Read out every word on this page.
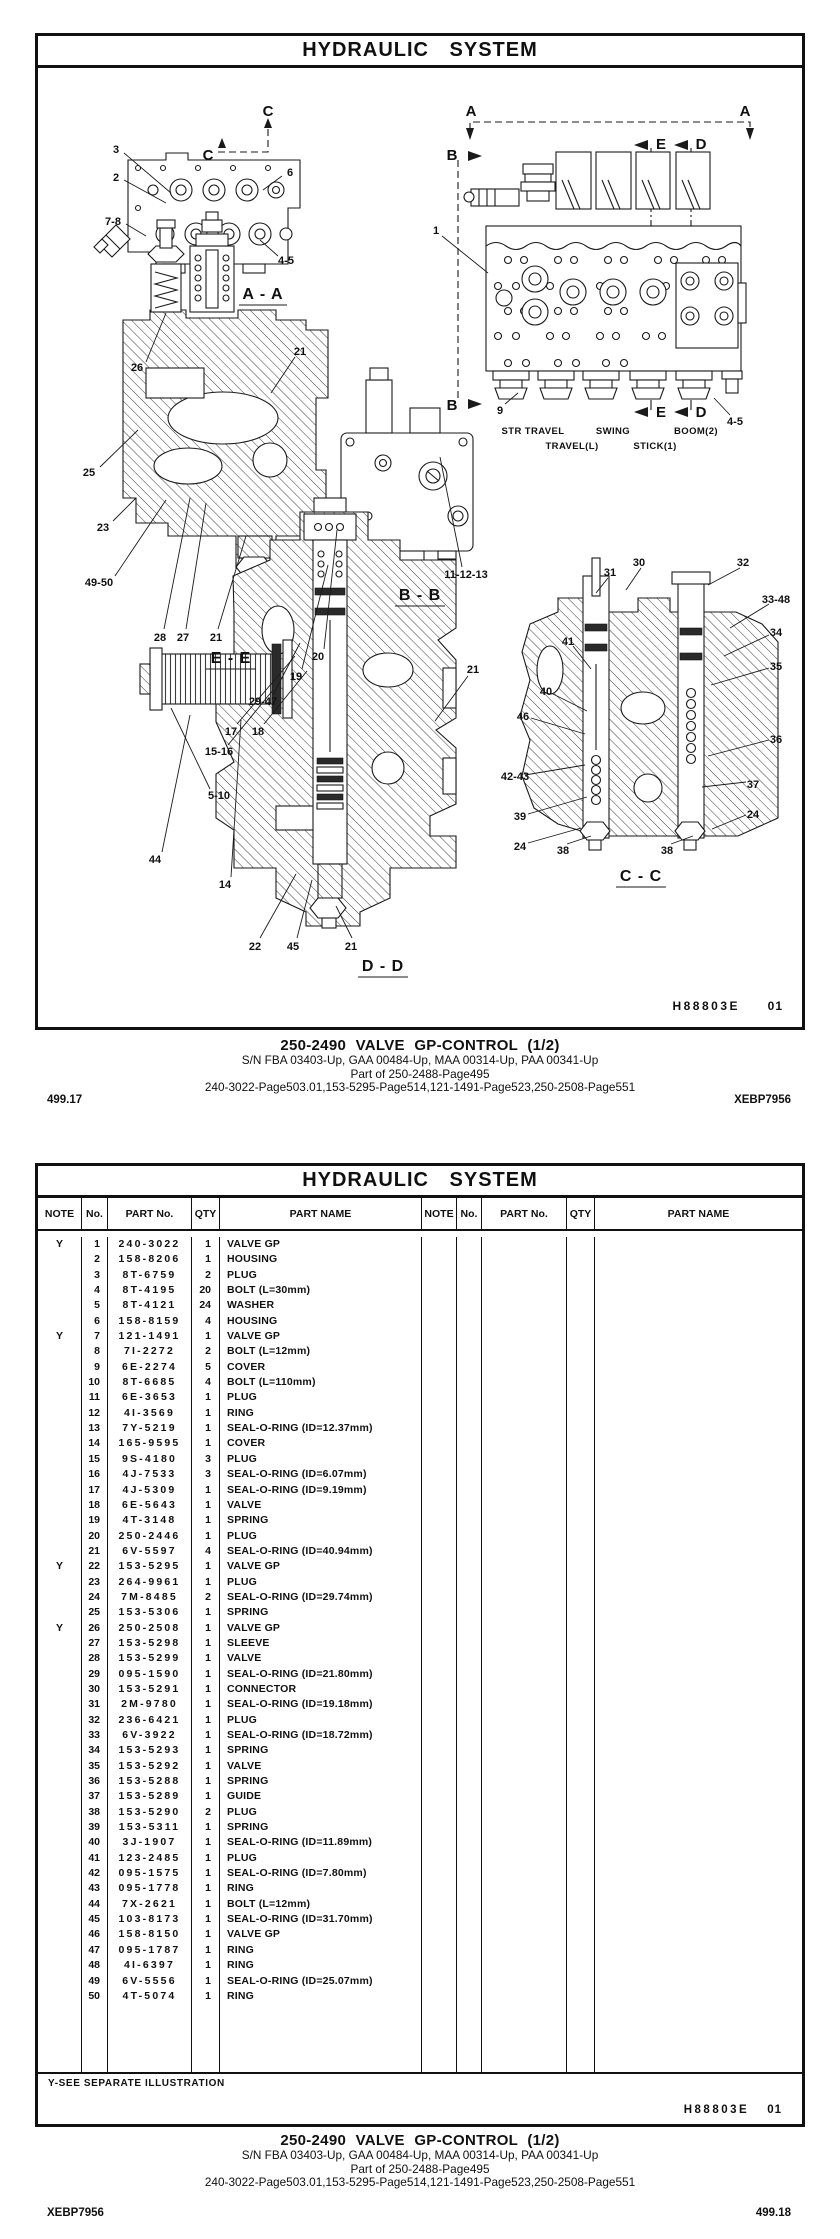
HYDRAULIC SYSTEM
C
C	A	A
B
B
E D
E D
A - A
B - B
C - C
D - D
E - E
STR TRAVEL
TRAVEL(L)
SWING
STICK(1)
BOOM(2)
3
2
7-8
6
4-5
1
9
4-5
26
21
25
23
49-50
28 27 21
11-12-13	31
30	32
33-48
34
35
41
40
46
36
42-43
37
39
24
24
38	38
20
19
29-47
17 18
15-16
5-10
44
14
21
22 45	21
H88803E 01
250-2490 VALVE GP-CONTROL (1/2)
S/N FBA 03403-Up, GAA 00484-Up, MAA 00314-Up, PAA 00341-Up
Part of 250-2488-Page495
240-3022-Page503.01,153-5295-Page514,121-1491-Page523,250-2508-Page551
499.17	XEBP7956
HYDRAULIC SYSTEM
NOTE	No.	PART No.	QTY	PART NAME	NOTE No.	PART No.	QTY	PART NAME
Y	1	240-3022	1	VALVE GP
2	158-8206	1	HOUSING
3	8T-6759	2	PLUG
4	8T-4195	20	BOLT (L=30mm)
5	8T-4121	24	WASHER
6	158-8159	4	HOUSING
Y	7	121-1491	1	VALVE GP
8	7I-2272	2	BOLT (L=12mm)
9	6E-2274	5	COVER
10	8T-6685	4	BOLT (L=110mm)
11	6E-3653	1	PLUG
12	4I-3569	1	RING
13	7Y-5219	1	SEAL-O-RING (ID=12.37mm)
14	165-9595	1	COVER
15	9S-4180	3	PLUG
16	4J-7533	3	SEAL-O-RING (ID=6.07mm)
17	4J-5309	1	SEAL-O-RING (ID=9.19mm)
18	6E-5643	1	VALVE
19	4T-3148	1	SPRING
20	250-2446	1	PLUG
21	6V-5597	4	SEAL-O-RING (ID=40.94mm)
Y	22	153-5295	1	VALVE GP
23	264-9961	1	PLUG
24	7M-8485	2	SEAL-O-RING (ID=29.74mm)
25	153-5306	1	SPRING
Y	26	250-2508	1	VALVE GP
27	153-5298	1	SLEEVE
28	153-5299	1	VALVE
29	095-1590	1	SEAL-O-RING (ID=21.80mm)
30	153-5291	1	CONNECTOR
31	2M-9780	1	SEAL-O-RING (ID=19.18mm)
32	236-6421	1	PLUG
33	6V-3922	1	SEAL-O-RING (ID=18.72mm)
34	153-5293	1	SPRING
35	153-5292	1	VALVE
36	153-5288	1	SPRING
37	153-5289	1	GUIDE
38	153-5290	2	PLUG
39	153-5311	1	SPRING
40	3J-1907	1	SEAL-O-RING (ID=11.89mm)
41	123-2485	1	PLUG
42	095-1575	1	SEAL-O-RING (ID=7.80mm)
43	095-1778	1	RING
44	7X-2621	1	BOLT (L=12mm)
45	103-8173	1	SEAL-O-RING (ID=31.70mm)
46	158-8150	1	VALVE GP
47	095-1787	1	RING
48	4I-6397	1	RING
49	6V-5556	1	SEAL-O-RING (ID=25.07mm)
50	4T-5074	1	RING
Y-SEE SEPARATE ILLUSTRATION
H88803E 01
250-2490 VALVE GP-CONTROL (1/2)
S/N FBA 03403-Up, GAA 00484-Up, MAA 00314-Up, PAA 00341-Up
Part of 250-2488-Page495
240-3022-Page503.01,153-5295-Page514,121-1491-Page523,250-2508-Page551
XEBP7956	499.18
